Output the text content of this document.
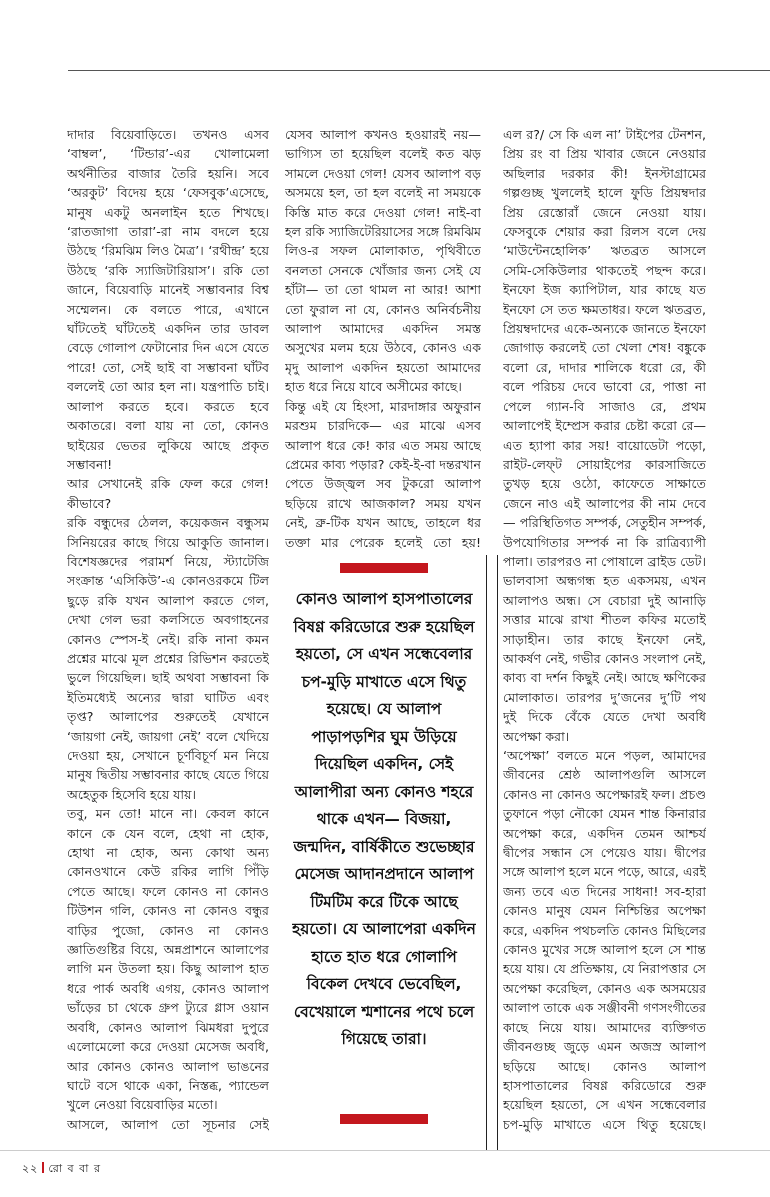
দাদার বিয়েবাড়িতে। তখনও এসব ‘বাম্বল’, ‘টিন্ডার’-এর খোলামেলা অর্থনীতির বাজার তৈরি হয়নি। সবে ‘অরকুট’ বিদেয় হয়ে ‘ফেসবুক’এসেছে, মানুষ একটু অনলাইন হতে শিখছে। ‘রাতজাগা তারা’-রা নাম বদলে হয়ে উঠছে ‘রিমঝিম লিও মৈত্র’। ‘রথীন্দ্র’ হয়ে উঠছে ‘রকি স্যাজিটারিয়াস’। রকি তো জানে, বিয়েবাড়ি মানেই সম্ভাবনার বিশ্ব সম্মেলন। কে বলতে পারে, এখানে ঘাঁটতেই ঘাঁটতেই একদিন তার ডাবল বেড়ে গোলাপ ফেটানোর দিন এসে যেতে পারে! তো, সেই ছাই বা সম্ভাবনা ঘাঁটব বললেই তো আর হল না। যন্ত্রপাতি চাই। আলাপ করতে হবে। করতে হবে অকাতরে। বলা যায় না তো, কোনও ছাইয়ের ভেতর লুকিয়ে আছে প্রকৃত সম্ভাবনা!
আর সেখানেই রকি ফেল করে গেল! কীভাবে?
রকি বন্ধুদের ঠেলল, কয়েকজন বন্ধুসম সিনিয়রের কাছে গিয়ে আকুতি জানাল। বিশেষজ্ঞদের পরামর্শ নিয়ে, স্ট্যাটেজি সংক্রান্ত ‘এসিকিউ’-এ কোনওরকমে টিল ছুড়ে রকি যখন আলাপ করতে গেল, দেখা গেল ভরা কলসিতে অবগাহনের কোনও স্পেস-ই নেই। রকি নানা কমন প্রশ্নের মাঝে মূল প্রশ্নের রিভিশন করতেই ভুলে গিয়েছিল। ছাই অথবা সম্ভাবনা কি ইতিমধ্যেই অন্যের দ্বারা ঘাটিত এবং তৃপ্ত? আলাপের শুরুতেই যেখানে ‘জায়গা নেই, জায়গা নেই’ বলে খেদিয়ে দেওয়া হয়, সেখানে চূর্ণবিচূর্ণ মন নিয়ে মানুষ দ্বিতীয় সম্ভাবনার কাছে যেতে গিয়ে অহেতুক হিসেবি হয়ে যায়।
তবু, মন তো! মানে না। কেবল কানে কানে কে যেন বলে, হেথা না হোক, হোথা না হোক, অন্য কোথা অন্য কোনওখানে কেউ রকির লাগি পিঁড়ি পেতে আছে। ফলে কোনও না কোনও টিউশন গলি, কোনও না কোনও বন্ধুর বাড়ির পুজো, কোনও না কোনও জ্ঞাতিগুষ্টির বিয়ে, অন্নপ্রাশনে আলাপের লাগি মন উতলা হয়। কিছু আলাপ হাত ধরে পার্ক অবধি এগয়, কোনও আলাপ ভাঁড়ের চা থেকে গ্রুপ ট্যুরে গ্লাস ওয়ান অবধি, কোনও আলাপ ঝিমধরা দুপুরে এলোমেলো করে দেওয়া মেসেজ অবধি, আর কোনও কোনও আলাপ ভাঙনের ঘাটে বসে থাকে একা, নিস্তব্ধ, প্যান্ডেল খুলে নেওয়া বিয়েবাড়ির মতো।
আসলে, আলাপ তো সূচনার সেই
যেসব আলাপ কখনও হওয়ারই নয়— ভাগ্যিস তা হয়েছিল বলেই কত ঝড় সামলে দেওয়া গেল! যেসব আলাপ বড় অসময়ে হল, তা হল বলেই না সময়কে কিস্তি মাত করে দেওয়া গেল! নাই-বা হল রকি স্যাজিটেরিয়াসের সঙ্গে রিমঝিম লিও-র সফল মোলাকাত, পৃথিবীতে বনলতা সেনকে খোঁজার জন্য সেই যে হাঁটা— তা তো থামল না আর! আশা তো ফুরাল না যে, কোনও অনির্বচনীয় আলাপ আমাদের একদিন সমস্ত অসুখের মলম হয়ে উঠবে, কোনও এক মৃদু আলাপ একদিন হয়তো আমাদের হাত ধরে নিয়ে যাবে অসীমের কাছে।
কিন্তু এই যে হিংসা, মারদাঙ্গার অফুরান মরশুম চারদিকে— এর মাঝে এসব আলাপ ধরে কে! কার এত সময় আছে প্রেমের কাব্য পড়ার? কেই-ই-বা দন্তরখান পেতে উজ্জ্বল সব টুকরো আলাপ ছড়িয়ে রাখে আজকাল? সময় যখন নেই, ব্রু-টিক যখন আছে, তাহলে ধর তক্তা মার পেরেক হলেই তো হয়!
এল র?/ সে কি এল না’ টাইপের টেনশন, প্রিয় রং বা প্রিয় খাবার জেনে নেওয়ার অছিলার দরকার কী! ইনস্টাগ্রামের গল্পগুচ্ছ খুললেই হালে ফুডি প্রিয়ম্বদার প্রিয় রেস্তোরাঁ জেনে নেওয়া যায়। ফেসবুকে শেয়ার করা রিলস বলে দেয় ‘মাউন্টেনহোলিক’ ঋতব্রত আসলে সেমি-সেকিউলার থাকতেই পছন্দ করে। ইনফো ইজ ক্যাপিটাল, যার কাছে যত ইনফো সে তত ক্ষমতাধর। ফলে ঋতব্রত, প্রিয়ম্বদাদের একে-অন্যকে জানতে ইনফো জোগাড় করলেই তো খেলা শেষ! বঙ্কুকে বলো রে, দাদার শালিকে ধরো রে, কী বলে পরিচয় দেবে ভাবো রে, পাত্তা না পেলে গ্যান-বি সাজাও রে, প্রথম আলাপেই ইম্প্রেস করার চেষ্টা করো রে— এত হ্যাপা কার সয়! বায়োডেটা পড়ো, রাইট-লেফ্‌ট সোয়াইপের কারসাজিতে তুখড় হয়ে ওঠো, কাফেতে সাক্ষাতে জেনে নাও এই আলাপের কী নাম দেবে— পরিস্থিতিগত সম্পর্ক, সেতুহীন সম্পর্ক, উপযোগিতার সম্পর্ক না কি রাত্রিব্যাপী পালা। তারপরও না পোষালে ব্রাইড ডেট। ভালবাসা অন্ধগন্ধ হত একসময়, এখন আলাপও অন্ধ। সে বেচারা দুই আনাড়ি সত্তার মাঝে রাখা শীতল কফির মতোই সাড়াহীন। তার কাছে ইনফো নেই, আকর্ষণ নেই, গভীর কোনও সংলাপ নেই, কাব্য বা দর্শন কিছুই নেই। আছে ক্ষণিকের মোলাকাত। তারপর দু’জনের দু’টি পথ দুই দিকে বেঁকে যেতে দেখা অবধি অপেক্ষা করা।
‘অপেক্ষা’ বলতে মনে পড়ল, আমাদের জীবনের শ্রেষ্ঠ আলাপগুলি আসলে কোনও না কোনও অপেক্ষারই ফল। প্রচণ্ড তুফানে পড়া নৌকো যেমন শান্ত কিনারার অপেক্ষা করে, একদিন তেমন আশ্চর্য দ্বীপের সন্ধান সে পেয়েও যায়। দ্বীপের সঙ্গে আলাপ হলে মনে পড়ে, আরে, এরই জন্য তবে এত দিনের সাধনা! সব-হারা কোনও মানুষ যেমন নিশ্চিন্তির অপেক্ষা করে, একদিন পথচলতি কোনও মিছিলের কোনও মুখের সঙ্গে আলাপ হলে সে শান্ত হয়ে যায়। যে প্রতিক্ষায়, যে নিরাপত্তার সে অপেক্ষা করেছিল, কোনও এক অসময়ের আলাপ তাকে এক সঞ্জীবনী গণসংগীতের কাছে নিয়ে যায়। আমাদের ব্যক্তিগত জীবনগুচ্ছ জুড়ে এমন অজস্র আলাপ ছড়িয়ে আছে। কোনও আলাপ হাসপাতালের বিষণ্ণ করিডোরে শুরু হয়েছিল হয়তো, সে এখন সন্ধেবেলার চপ-মুড়ি মাখাতে এসে থিতু হয়েছে।
কোনও আলাপ হাসপাতালের বিষণ্ণ করিডোরে শুরু হয়েছিল হয়তো, সে এখন সন্ধেবেলার চপ-মুড়ি মাখাতে এসে থিতু হয়েছে। যে আলাপ পাড়াপড়শির ঘুম উড়িয়ে দিয়েছিল একদিন, সেই আলাপীরা অন্য কোনও শহরে থাকে এখন— বিজয়া, জন্মদিন, বার্ষিকীতে শুভেচ্ছার মেসেজ আদানপ্রদানে আলাপ টিমটিম করে টিকে আছে হয়তো। যে আলাপেরা একদিন হাতে হাত ধরে গোলাপি বিকেল দেখবে ভেবেছিল, বেখেয়ালে শ্মশানের পথে চলে গিয়েছে তারা।
২২ রো ব বা র
